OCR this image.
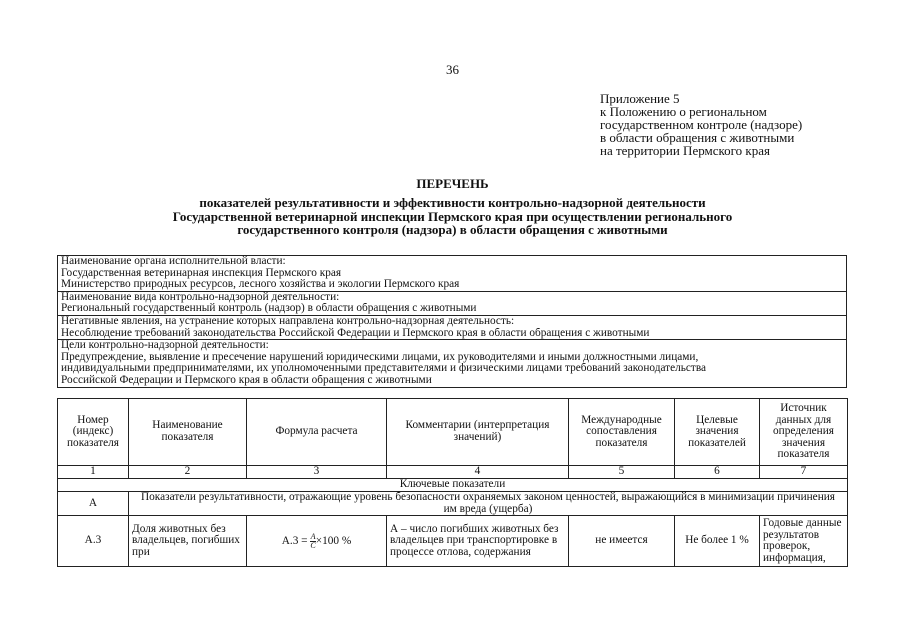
36
Приложение 5
к Положению о региональном
государственном контроле (надзоре)
в области обращения с животными
на территории Пермского края
ПЕРЕЧЕНЬ
показателей результативности и эффективности контрольно-надзорной деятельности
Государственной ветеринарной инспекции Пермского края при осуществлении регионального
государственного контроля (надзора) в области обращения с животными
Наименование органа исполнительной власти:
Государственная ветеринарная инспекция Пермского края
Министерство природных ресурсов, лесного хозяйства и экологии Пермского края
Наименование вида контрольно-надзорной деятельности:
Региональный государственный контроль (надзор) в области обращения с животными
Негативные явления, на устранение которых направлена контрольно-надзорная деятельность:
Несоблюдение требований законодательства Российской Федерации и Пермского края в области обращения с животными
Цели контрольно-надзорной деятельности:
Предупреждение, выявление и пресечение нарушений юридическими лицами, их руководителями и иными должностными лицами,
индивидуальными предпринимателями, их уполномоченными представителями и физическими лицами требований законодательства
Российской Федерации и Пермского края в области обращения с животными
Номер (индекс) показателя	Наименование показателя	Формула расчета	Комментарии (интерпретация значений)	Международные сопоставления показателя	Целевые значения показателей	Источник данных для определения значения показателя
1	2	3	4	5	6	7
Ключевые показатели						
А	Показатели результативности, отражающие уровень безопасности охраняемых законом ценностей, выражающийся в минимизации причинения им вреда (ущерба)					
А.3	Доля животных без владельцев, погибших при	$А.3 = \frac{A}{C} \times 100$ %	А – число погибших животных без владельцев при транспортировке в процессе отлова, содержания	не имеется	Не более 1 %	Годовые данные результатов проверок, информация,
